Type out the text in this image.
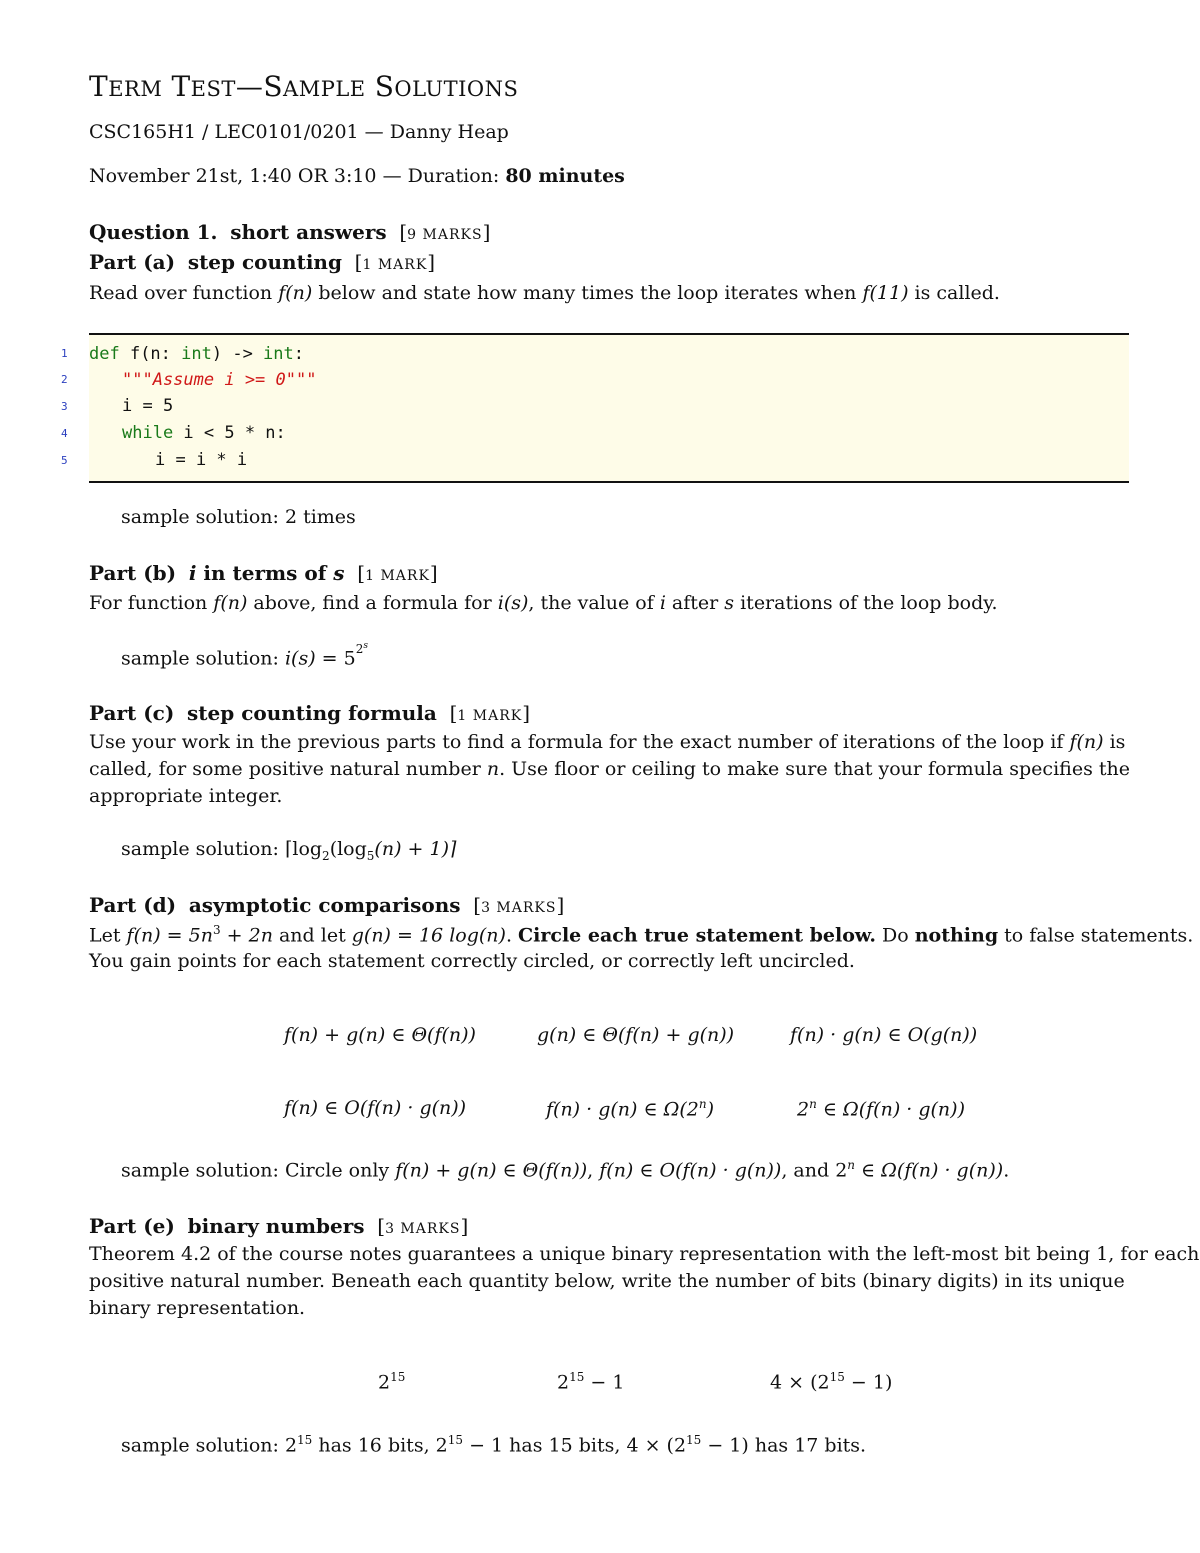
TERM TEST—SAMPLE SOLUTIONS
CSC165H1 / LEC0101/0201 — Danny Heap
November 21st, 1:40 OR 3:10 — Duration: 80 minutes
Question 1. short answers  [9 MARKS]
Part (a) step counting  [1 MARK]
Read over function f(n) below and state how many times the loop iterates when f(11) is called.
def f(n: int) -> int:
"""Assume i >= 0"""
i = 5
while i < 5 * n:
i = i * i
1
2
3
4
5
sample solution: 2 times
Part (b) i in terms of s  [1 MARK]
For function f(n) above, find a formula for i(s), the value of i after s iterations of the loop body.
sample solution: $i(s) = 5^{2^s}$
Part (c) step counting formula  [1 MARK]
Use your work in the previous parts to find a formula for the exact number of iterations of the loop if f(n) is
called, for some positive natural number n. Use floor or ceiling to make sure that your formula specifies the
appropriate integer.
sample solution: $⌈\log_2(\log_5(n)$ + 1)⌉
Part (d) asymptotic comparisons  [3 MARKS]
Let $f(n) = 5n^3 + 2n$ and let g(n) = 16 log(n). Circle each true statement below. Do nothing to false statements.
You gain points for each statement correctly circled, or correctly left uncircled.
f(n) + g(n) ∈ Θ(f(n))	g(n) ∈ Θ(f(n) + g(n))	f(n) · g(n) ∈ O(g(n))
f(n) ∈ O(f(n) · g(n))	f(n) · g(n) ∈ Ω(2$^n$)	2$^n$ ∈ Ω(f(n) · g(n))
sample solution: Circle only f(n) + g(n) ∈ Θ(f(n)), f(n) ∈ O(f(n) · g(n)), and 2$^n$ ∈ Ω(f(n) · g(n)).
Part (e) binary numbers  [3 MARKS]
Theorem 4.2 of the course notes guarantees a unique binary representation with the left-most bit being 1, for each
positive natural number. Beneath each quantity below, write the number of bits (binary digits) in its unique
binary representation.
$2^{15}$	$2^{15} - 1$	$4 \times (2^{15} - 1)$
sample solution: $2^{15}$ has 16 bits, $2^{15} - 1$ has 15 bits, $4 \times (2^{15} - 1)$ has 17 bits.
